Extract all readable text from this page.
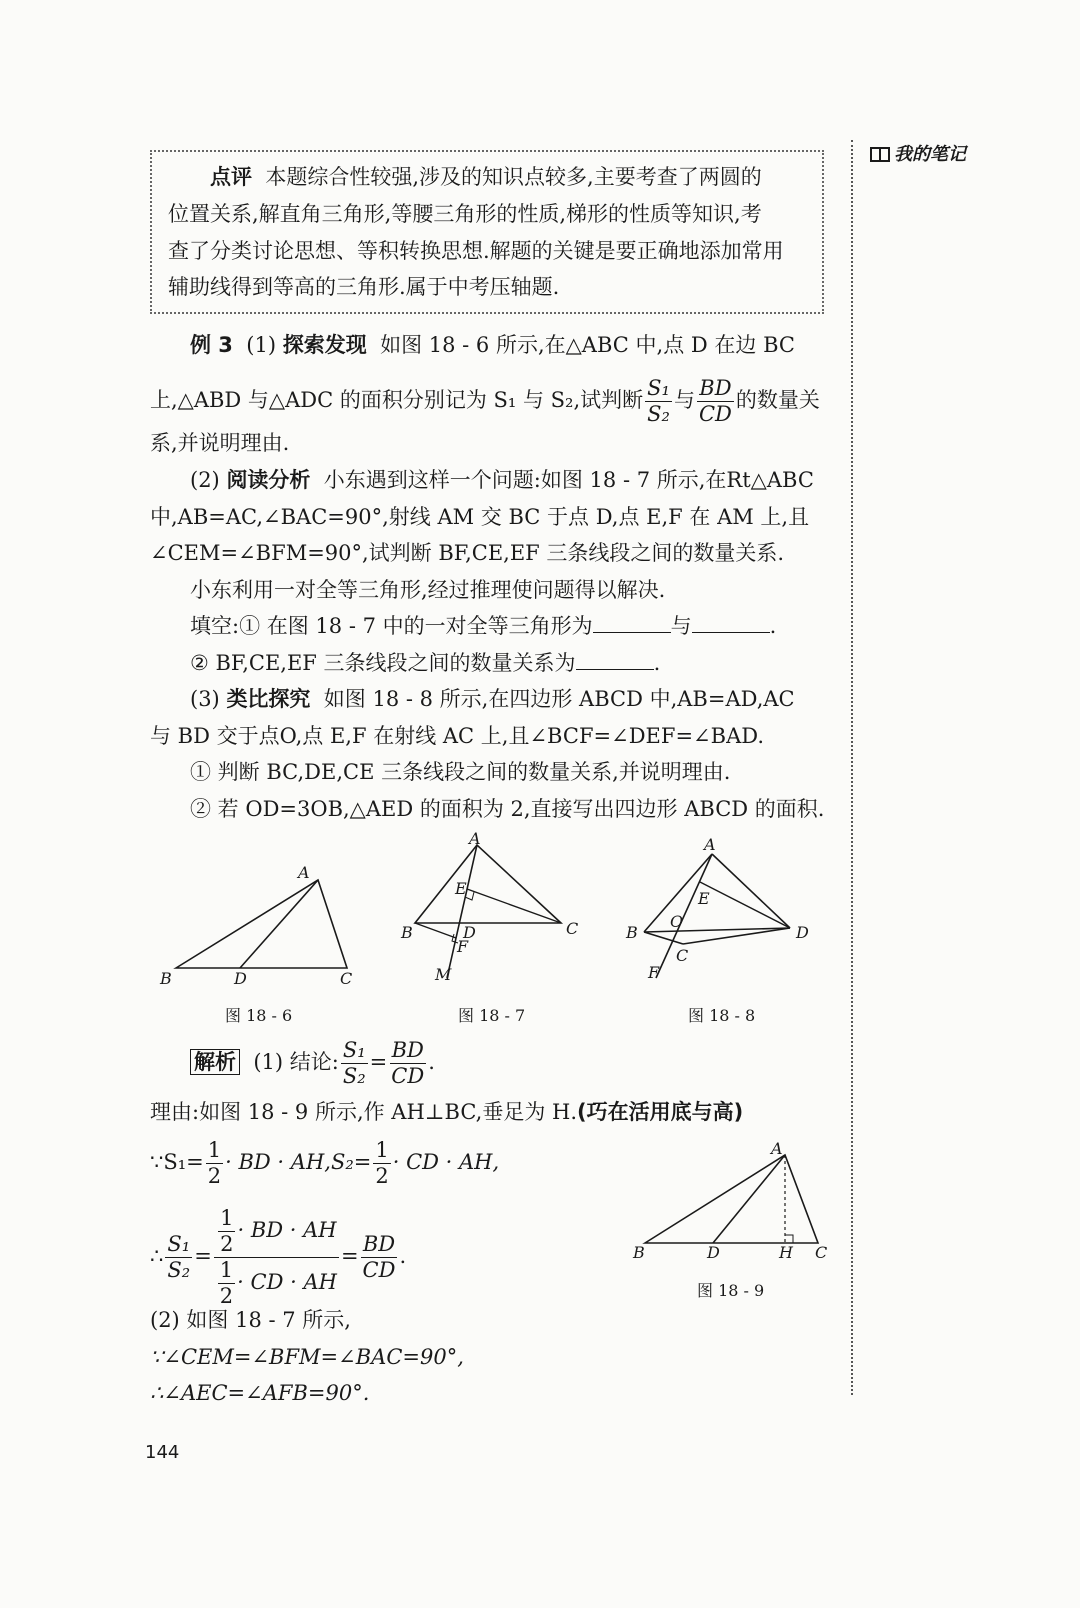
我的笔记
点评 本题综合性较强,涉及的知识点较多,主要考查了两圆的
位置关系,解直角三角形,等腰三角形的性质,梯形的性质等知识,考
查了分类讨论思想、等积转换思想.解题的关键是要正确地添加常用
辅助线得到等高的三角形.属于中考压轴题.
例 3 (1) 探索发现 如图 18 - 6 所示,在△ABC 中,点 D 在边 BC
上,△ABD 与△ADC 的面积分别记为 S₁ 与 S₂,试判断 $\frac{\text{S₁}}{\text{S₂}}$ 与 $\frac{BD}{CD}$ 的数量关
系,并说明理由.
(2) 阅读分析 小东遇到这样一个问题:如图 18 - 7 所示,在Rt△ABC
中,AB=AC,∠BAC=90°,射线 AM 交 BC 于点 D,点 E,F 在 AM 上,且
∠CEM=∠BFM=90°,试判断 BF,CE,EF 三条线段之间的数量关系.
小东利用一对全等三角形,经过推理使问题得以解决.
填空:① 在图 18 - 7 中的一对全等三角形为	与	.
② BF,CE,EF 三条线段之间的数量关系为	.
(3) 类比探究 如图 18 - 8 所示,在四边形 ABCD 中,AB=AD,AC
与 BD 交于点O,点 E,F 在射线 AC 上,且∠BCF=∠DEF=∠BAD.
① 判断 BC,DE,CE 三条线段之间的数量关系,并说明理由.
② 若 OD=3OB,△AED 的面积为 2,直接写出四边形 ABCD 的面积.
A
B	D	C
图 18 - 6
A
E
B	D
F
C
M
图 18 - 7
A
E
O
B	D
C
F
图 18 - 8
解析 (1) 结论: $\frac{\text{S₁}}{\text{S₂}} = \frac{BD}{CD}$ .
理由:如图 18 - 9 所示,作 AH⊥BC,垂足为 H.(巧在活用底与高)
∵S₁= $\frac{1}{2}$ · BD · $AH,S_2= \frac{1}{2}$ · CD · AH,
∴ $\frac{\text{S₁}}{\text{S₂}} = \frac{\frac{1}{2} \cdot BD \cdot AH}{\frac{1}{2} \cdot CD \cdot AH} = \frac{BD}{CD}$ .
A
B	D	H C
图 18 - 9
(2) 如图 18 - 7 所示,
∵∠CEM=∠BFM=∠BAC=90°,
∴∠AEC=∠AFB=90°.
144
